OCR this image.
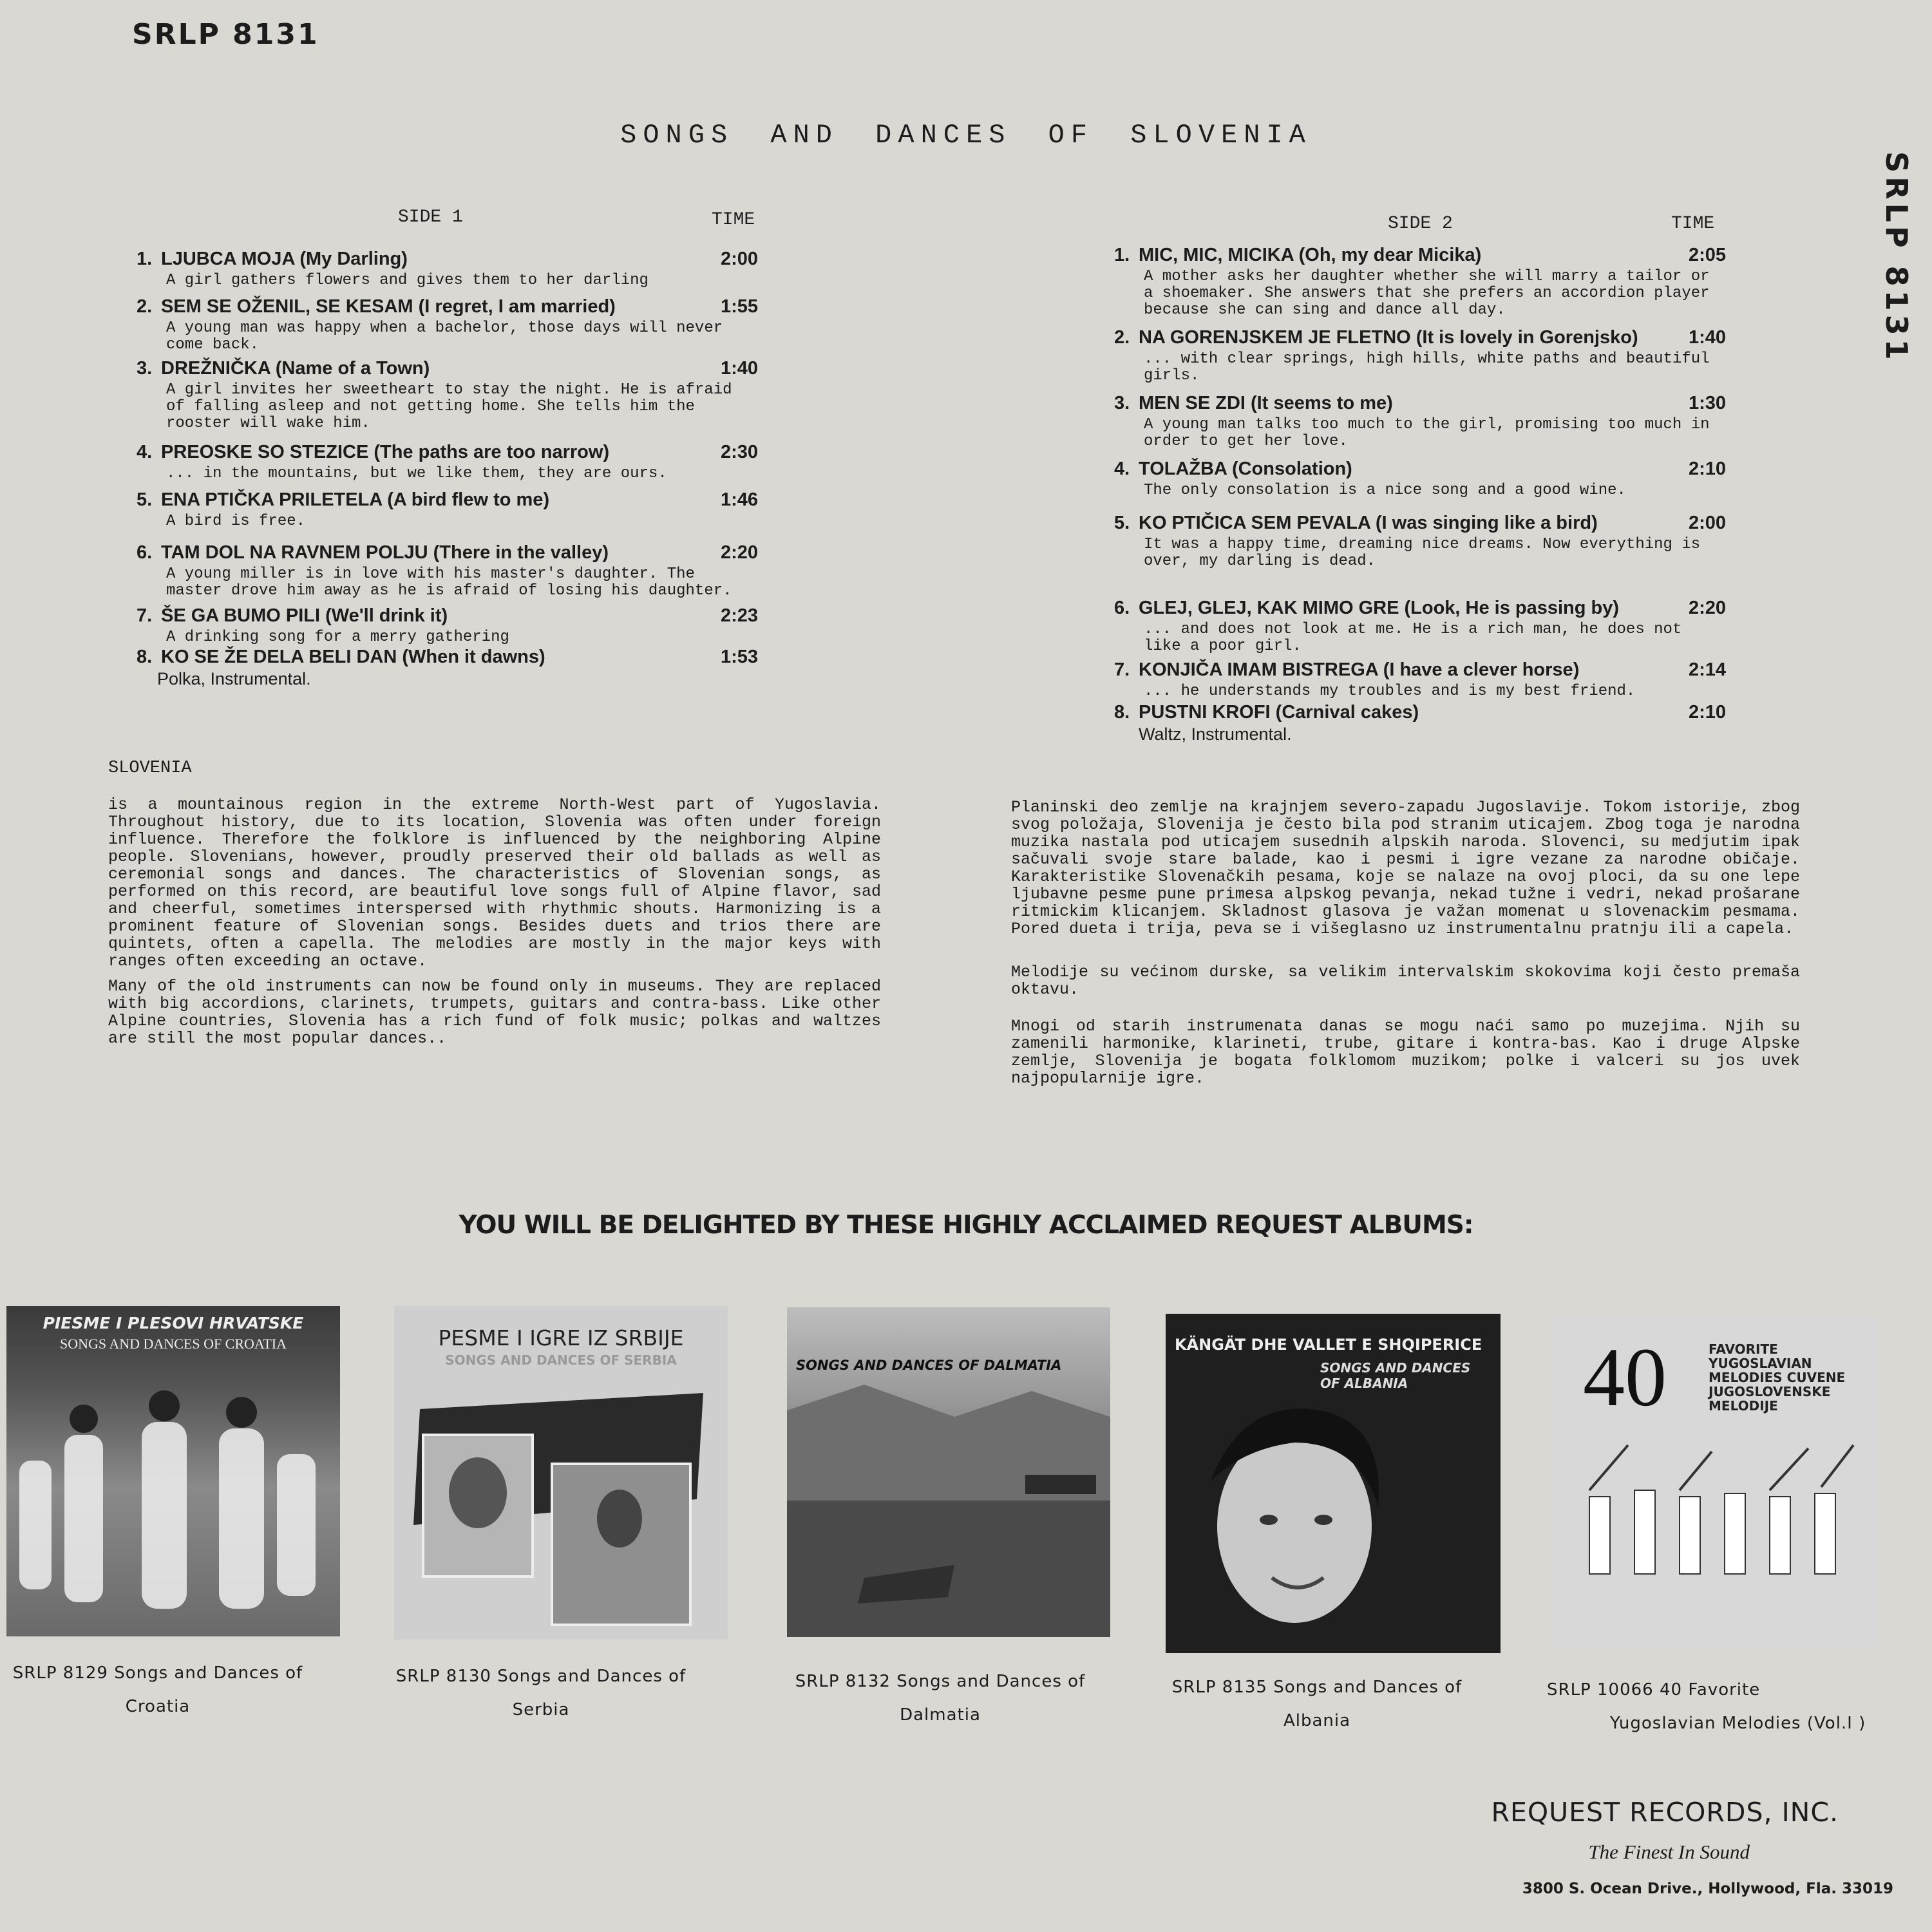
SRLP 8131
SRLP 8131
SONGS AND DANCES OF SLOVENIA
SIDE 1	TIME
1. LJUBCA MOJA (My Darling)	2:00
A girl gathers flowers and gives them to her darling
2. SEM SE OŽENIL, SE KESAM (I regret, I am married)	1:55
A young man was happy when a bachelor, those days will never come back.
3. DREŽNIČKA (Name of a Town)	1:40
A girl invites her sweetheart to stay the night. He is afraid of falling asleep and not getting home. She tells him the rooster will wake him.
4. PREOSKE SO STEZICE (The paths are too narrow)	2:30
... in the mountains, but we like them, they are ours.
5. ENA PTIČKA PRILETELA (A bird flew to me)	1:46
A bird is free.
6. TAM DOL NA RAVNEM POLJU (There in the valley)	2:20
A young miller is in love with his master's daughter. The master drove him away as he is afraid of losing his daughter.
7. ŠE GA BUMO PILI (We'll drink it)	2:23
A drinking song for a merry gathering
8. KO SE ŽE DELA BELI DAN (When it dawns)	1:53
Polka, Instrumental.
SIDE 2	TIME
1. MIC, MIC, MICIKA (Oh, my dear Micika)	2:05
A mother asks her daughter whether she will marry a tailor or a shoemaker. She answers that she prefers an accordion player because she can sing and dance all day.
2. NA GORENJSKEM JE FLETNO (It is lovely in Gorenjsko)	1:40
... with clear springs, high hills, white paths and beautiful girls.
3. MEN SE ZDI (It seems to me)	1:30
A young man talks too much to the girl, promising too much in order to get her love.
4. TOLAŽBA (Consolation)	2:10
The only consolation is a nice song and a good wine.
5. KO PTIČICA SEM PEVALA (I was singing like a bird)	2:00
It was a happy time, dreaming nice dreams. Now everything is over, my darling is dead.
6. GLEJ, GLEJ, KAK MIMO GRE (Look, He is passing by)	2:20
... and does not look at me. He is a rich man, he does not like a poor girl.
7. KONJIČA IMAM BISTREGA (I have a clever horse)	2:14
... he understands my troubles and is my best friend.
8. PUSTNI KROFI (Carnival cakes)	2:10
Waltz, Instrumental.
SLOVENIA
is a mountainous region in the extreme North-West part of Yugoslavia. Throughout history, due to its location, Slovenia was often under foreign influence. Therefore the folklore is influenced by the neighboring Alpine people. Slovenians, however, proudly preserved their old ballads as well as ceremonial songs and dances. The characteristics of Slovenian songs, as performed on this record, are beautiful love songs full of Alpine flavor, sad and cheerful, sometimes interspersed with rhythmic shouts. Harmonizing is a prominent feature of Slovenian songs. Besides duets and trios there are quintets, often a capella. The melodies are mostly in the major keys with ranges often exceeding an octave.
Many of the old instruments can now be found only in museums. They are replaced with big accordions, clarinets, trumpets, guitars and contra-bass. Like other Alpine countries, Slovenia has a rich fund of folk music; polkas and waltzes are still the most popular dances..
Planinski deo zemlje na krajnjem severo-zapadu Jugoslavije. Tokom istorije, zbog svog položaja, Slovenija je često bila pod stranim uticajem. Zbog toga je narodna muzika nastala pod uticajem susednih alpskih naroda. Slovenci, su medjutim ipak sačuvali svoje stare balade, kao i pesmi i igre vezane za narodne običaje. Karakteristike Slovenačkih pesama, koje se nalaze na ovoj ploci, da su one lepe ljubavne pesme pune primesa alpskog pevanja, nekad tužne i vedri, nekad prošarane ritmickim klicanjem. Skladnost glasova je važan momenat u slovenackim pesmama. Pored dueta i trija, peva se i višeglasno uz instrumentalnu pratnju ili a capela.
Melodije su većinom durske, sa velikim intervalskim skokovima koji često premaša oktavu.
Mnogi od starih instrumenata danas se mogu naći samo po muzejima. Njih su zamenili harmonike, klarineti, trube, gitare i kontra-bas. Kao i druge Alpske zemlje, Slovenija je bogata folklomom muzikom; polke i valceri su jos uvek najpopularnije igre.
YOU WILL BE DELIGHTED BY THESE HIGHLY ACCLAIMED REQUEST ALBUMS:
PIESME I PLESOVI HRVATSKE
SONGS AND DANCES OF CROATIA	PESME I IGRE IZ SRBIJE
SONGS AND DANCES OF SERBIA	SONGS AND DANCES OF DALMATIA
KÄNGÄT DHE VALLET E SHQIPERICE
SONGS AND DANCES OF ALBANIA	40	FAVORITE YUGOSLAVIAN MELODIES CUVENE JUGOSLOVENSKE MELODIJE
SRLP 8129 Songs and Dances of
Croatia
SRLP 8130 Songs and Dances of
Serbia
SRLP 8132 Songs and Dances of
Dalmatia
SRLP 8135 Songs and Dances of
Albania
SRLP 10066 40 Favorite
Yugoslavian Melodies (Vol.I )
REQUEST RECORDS, INC.
The Finest In Sound
3800 S. Ocean Drive., Hollywood, Fla. 33019
